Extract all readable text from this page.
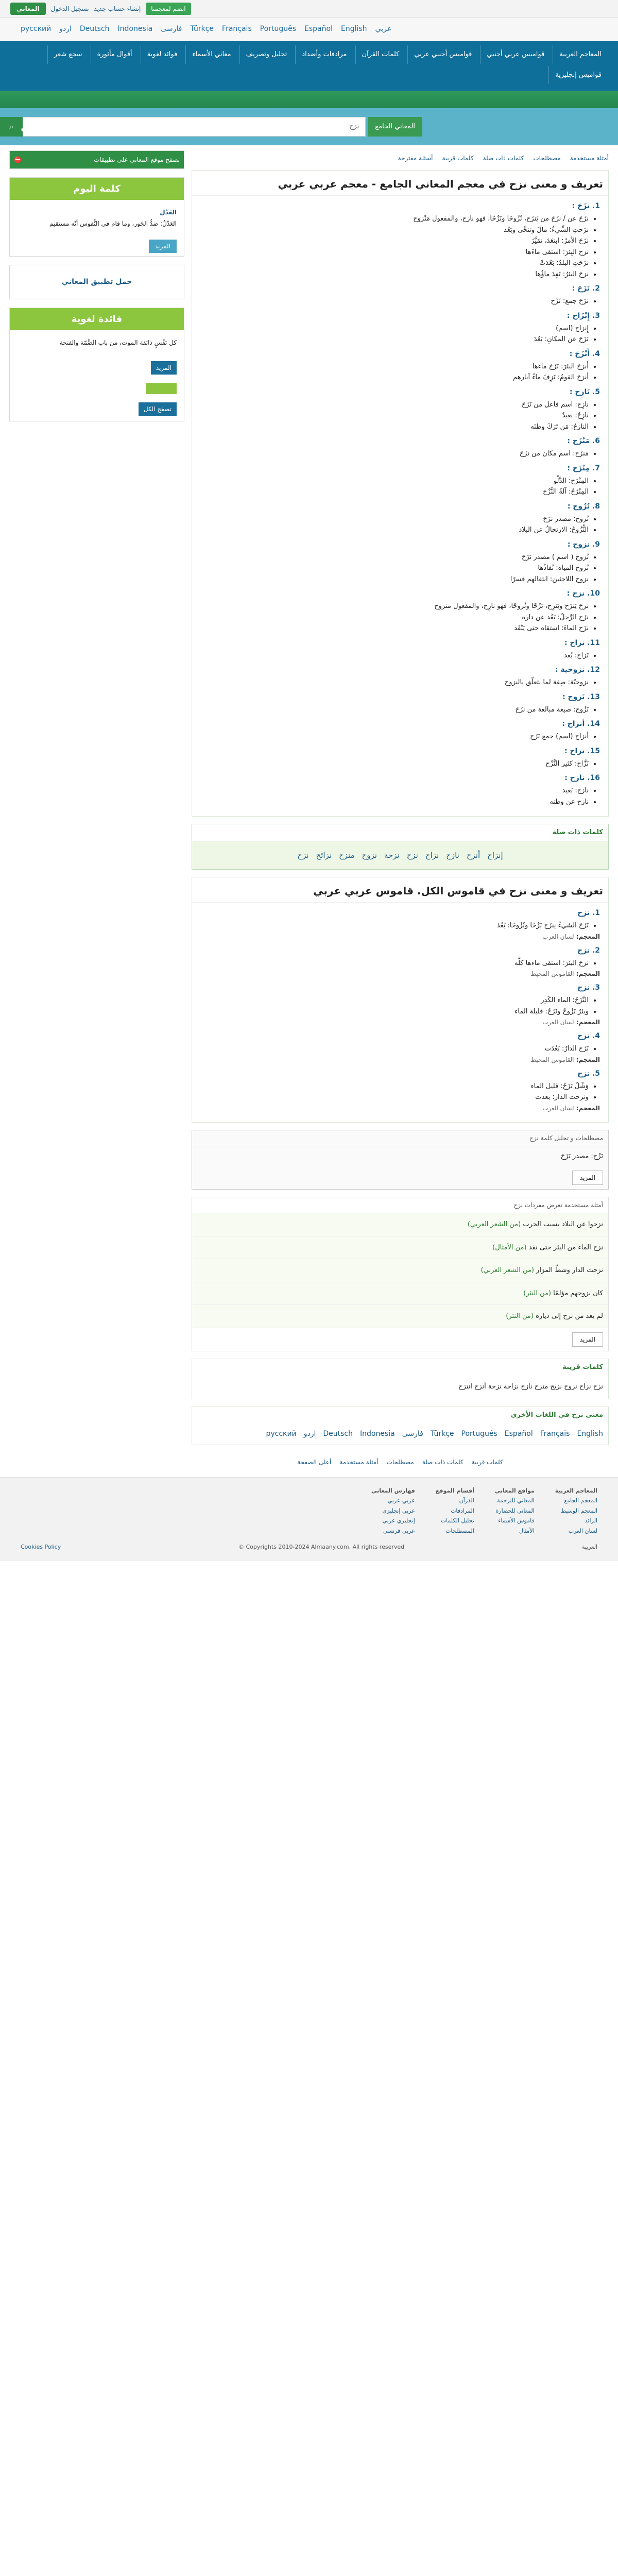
انضم لمعجمنا
إنشاء حساب جديد
تسجيل الدخول
المعاني
عربي
English
Español
Português
Français
Türkçe
فارسی
Indonesia
Deutsch
اردو
русский
المعاجم العربية
قواميس عربي أجنبي
قواميس أجنبي عربي
كلمات القرآن
مرادفات وأضداد
تحليل وتصريف
معاني الأسماء
فوائد لغوية
أقوال مأثورة
سجع شعر
قواميس إنجليزية
المعاني الجامع
نزح
⌕ المعاني
أمثلة مستخدمة
مصطلحات
كلمات ذات صلة
كلمات قريبة
أسئلة مقترحة
تعريف و معنى نزح في معجم المعاني الجامع - معجم عربي عربي
1. نزَحَ :
• نزَحَ عن / نزَحَ من يَنزَح، نُزُوحًا ونَزْحًا، فهو نازح، والمفعول مَنْزوح
• نزَحتِ الشِّيءُ: مالَ وتنحَّى وبَعُد
• نزَحَ الأمرُ: ابتعَدَ، تمَيَّزَ
• نزح البِئرَ: استقى ماءَها
• نزَحَتِ البلدُ: بَعُدَتْ
• نزحَ البئرُ: نَفِدَ ماؤُها
2. نَزَحَ :
• نزَحَ جمع: نَزْح
3. إِنْزَاح :
• إِنزاح (اسم)
• نَزَحَ عن المكانِ: بَعُدَ
4. أَنْزَحَ :
• أَنزحَ البئرَ: نَزَحَ ماءَها
• أنزحَ القومُ: نَزِفَ ماءُ آبارهم
5. نَازِح :
• نازِح: اسم فاعل من نَزَحَ
• نازِحٌ: بعيدٌ
• النازحُ: مَن تَرَكَ وطنَه
6. مَنْزَح :
• مَنزَح: اسم مكان من نزَحَ
7. مِنْزَح :
• المِنْزَح: الدَّلْو
• المِنْزَحُ: آلةُ النَّزْح
8. نُزُوح :
• نُزوح: مصدر نزَحَ
• النُّزُوحُ: الارتحالُ عن البلاد
9. نزوح :
• نُزوح ( اسم ) مصدر نَزَحَ
• نُزوح المياه: نُفاذُها
• نزوح اللاجئين: انتقالهم قسرًا
10. نزح :
• نزحَ يَنزَح ويَنزِح، نَزْحًا ونُزوحًا، فهو نازِح، والمفعول منزوح
• نزَح الرَّجلُ: بَعُد عن داره
• نزَح الماءَ: استقاه حتى يَنْفَد
11. نزاح :
• نَزاح: بُعد
12. نزوحية :
• نزوحيّة: صِفة لما يتعلّق بالنزوح
13. نَزوح :
• نَزُوح: صيغة مبالغة من نزَحَ
14. أنزاح :
• أنزاح (اسم) جمع نَزَح
15. نزاح :
• نَزَّاح: كثير النَّزْح
16. نازح :
• نازح: بَعيد
• نازح عن وطنه
كلمات ذات صلة
إنزاح
أنزح
نازح
نزاح
نزح
نزحة
نزوح
منزح
نزائح
نزح
تعريف و معنى نزح في قاموس الكل. قاموس عربي عربي
1. نزح
• نَزَحَ الشيءُ ينزَح نَزْحًا ونُزُوحًا: بَعُدَ
المعجم: لسان العرب
2. نزح
• نزحَ البئرَ: استقى ماءها كلَّه
المعجم: القاموس المحيط
3. نزح
• النَّزَحُ: الماء الكَدِر
• وبئرٌ نَزُوحٌ ونَزَحٌ: قليلة الماء
المعجم: لسان العرب
4. نزح
• نَزَح الدارُ: بَعُدَت
المعجم: القاموس المحيط
5. نزح
• وَشْلٌ نَزَحٌ: قليل الماء
• ونزحت الدار: بعدت
المعجم: لسان العرب
مصطلحات و تحليل كلمة نزح
نَزْح: مصدر نَزَحَ
المزيد
أمثلة مستخدمة تعرض مفردات نزح
نزحوا عن البلاد بسبب الحرب (من الشعر العربي)
نزح الماء من البئر حتى نفد (من الأمثال)
نزحت الدار وشطّ المزار (من الشعر العربي)
كان نزوحهم مؤلمًا (من النثر)
لم يعد من نزح إلى دياره (من النثر)
المزيد
كلمات قريبة
نزح نزاح نزوح نزيح منزح نازح نزاحة نزحة أنزح انتزح
معنى نزح في اللغات الأخرى
English
Français
Español
Português
Türkçe
فارسی
Indonesia
Deutsch
اردو
русский
كلمات قريبة
كلمات ذات صلة
مصطلحات
أمثلة مستخدمة
أعلى الصفحة
تصفح موقع المعاني على تطبيقات
⛔
كلمة اليوم
العَدْل
العَدْلُ: ضدُّ الجَور، وما قام في النُّفوس أنّه مستقيم
المزيد
حمل تطبيق المعاني
فائدة لغوية
كل نَفْسٍ ذائقة الموت، من باب الضِّمّة والفتحة
المزيد
تصفح الكل
المعاجم العربية
المعجم الجامع
المعجم الوسيط
الرائد
لسان العرب
مواقع المعاني
المعاني للترجمة
المعاني للحضارة
قاموس الأسماء
الأمثال
أقسام الموقع
القرآن
المرادفات
تحليل الكلمات
المصطلحات
فهارس المعاني
عربي عربي
عربي إنجليزي
إنجليزي عربي
عربي فرنسي
العربية
Copyrights 2010-2024 Almaany.com, All rights reserved ©
Cookies Policy
